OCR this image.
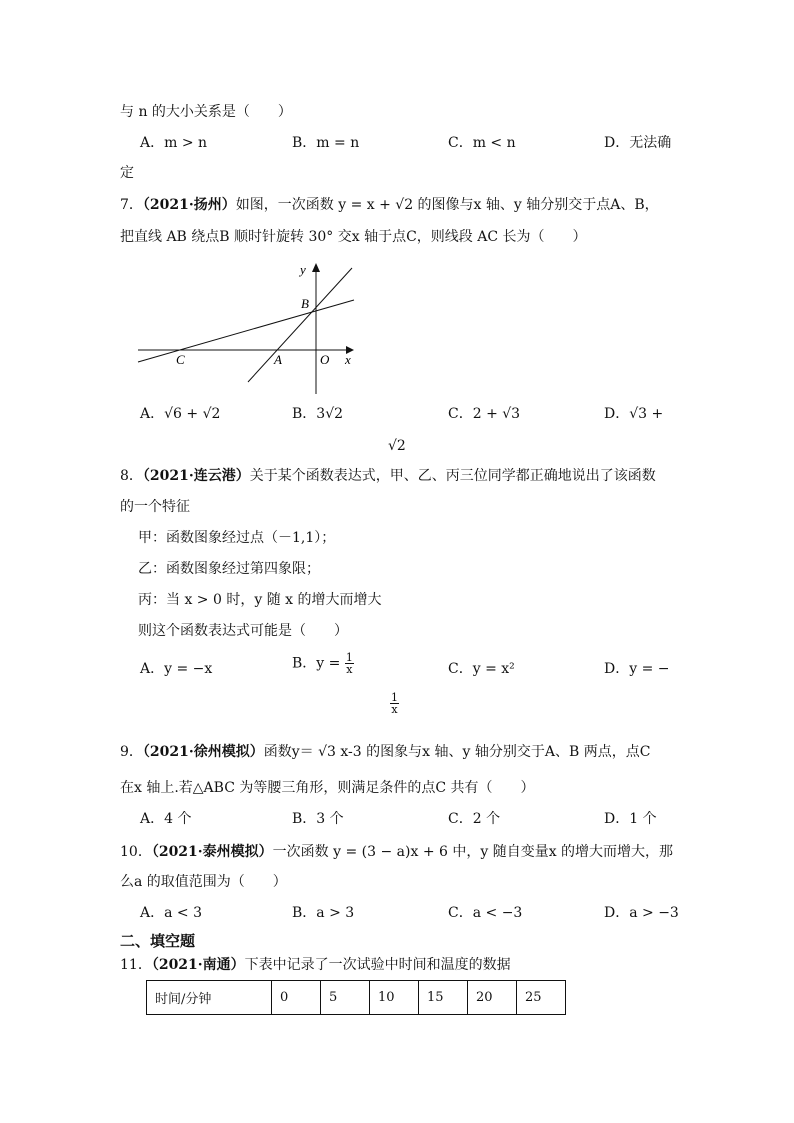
与 n 的大小关系是（　　）
A．m > n	B．m = n	C．m < n	D．无法确
定
7．（2021·扬州）如图，一次函数 y = x + √2 的图像与x 轴、y 轴分别交于点A、B，
把直线 AB 绕点B 顺时针旋转 30° 交x 轴于点C，则线段 AC 长为（　　）
y
x
B
C	A	O
A．√6 + √2	B．3√2	C．2 + √3	D．√3 +
√2
8．（2021·连云港）关于某个函数表达式，甲、乙、丙三位同学都正确地说出了该函数
的一个特征
甲：函数图象经过点（－1,1）；
乙：函数图象经过第四象限；
丙：当 x > 0 时，y 随 x 的增大而增大
则这个函数表达式可能是（　　）
A．y = −x	B．$y = \frac{1}{x}$	C．y = x²	D．y = −
$\frac{1}{x}$
9．（2021·徐州模拟）函数y＝ √3 x-3 的图象与x 轴、y 轴分别交于A、B 两点，点C
在x 轴上.若△ABC 为等腰三角形，则满足条件的点C 共有（　　）
A．4 个	B．3 个	C．2 个	D．1 个
10．（2021·泰州模拟）一次函数 y = (3 − a)x + 6 中，y 随自变量x 的增大而增大，那
么a 的取值范围为（　　）
A．a < 3	B．a > 3	C．a < −3	D．a > −3
二、填空题
11．（2021·南通）下表中记录了一次试验中时间和温度的数据
时间/分钟	0	5	10	15	20	25
